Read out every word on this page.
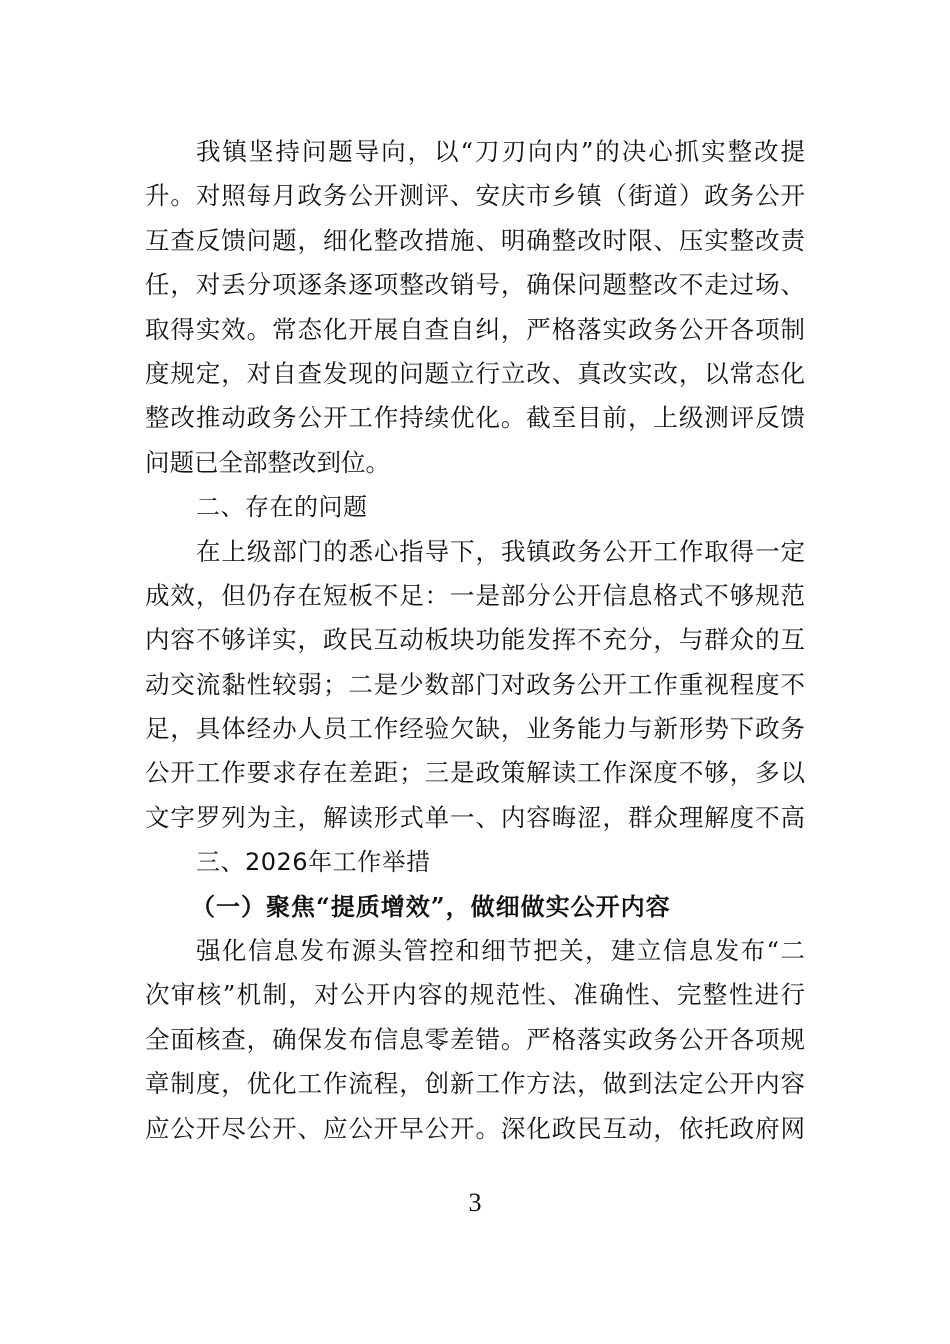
我镇坚持问题导向，以“刀刃向内”的决心抓实整改提
升。对照每月政务公开测评、安庆市乡镇（街道）政务公开
互查反馈问题，细化整改措施、明确整改时限、压实整改责
任，对丢分项逐条逐项整改销号，确保问题整改不走过场、
取得实效。常态化开展自查自纠，严格落实政务公开各项制
度规定，对自查发现的问题立行立改、真改实改，以常态化
整改推动政务公开工作持续优化。截至目前，上级测评反馈
问题已全部整改到位。
二、存在的问题
在上级部门的悉心指导下，我镇政务公开工作取得一定
成效，但仍存在短板不足：一是部分公开信息格式不够规范
内容不够详实，政民互动板块功能发挥不充分，与群众的互
动交流黏性较弱；二是少数部门对政务公开工作重视程度不
足，具体经办人员工作经验欠缺，业务能力与新形势下政务
公开工作要求存在差距；三是政策解读工作深度不够，多以
文字罗列为主，解读形式单一、内容晦涩，群众理解度不高
三、2026年工作举措
（一）聚焦“提质增效”，做细做实公开内容
强化信息发布源头管控和细节把关，建立信息发布“二
次审核”机制，对公开内容的规范性、准确性、完整性进行
全面核查，确保发布信息零差错。严格落实政务公开各项规
章制度，优化工作流程，创新工作方法，做到法定公开内容
应公开尽公开、应公开早公开。深化政民互动，依托政府网
3
